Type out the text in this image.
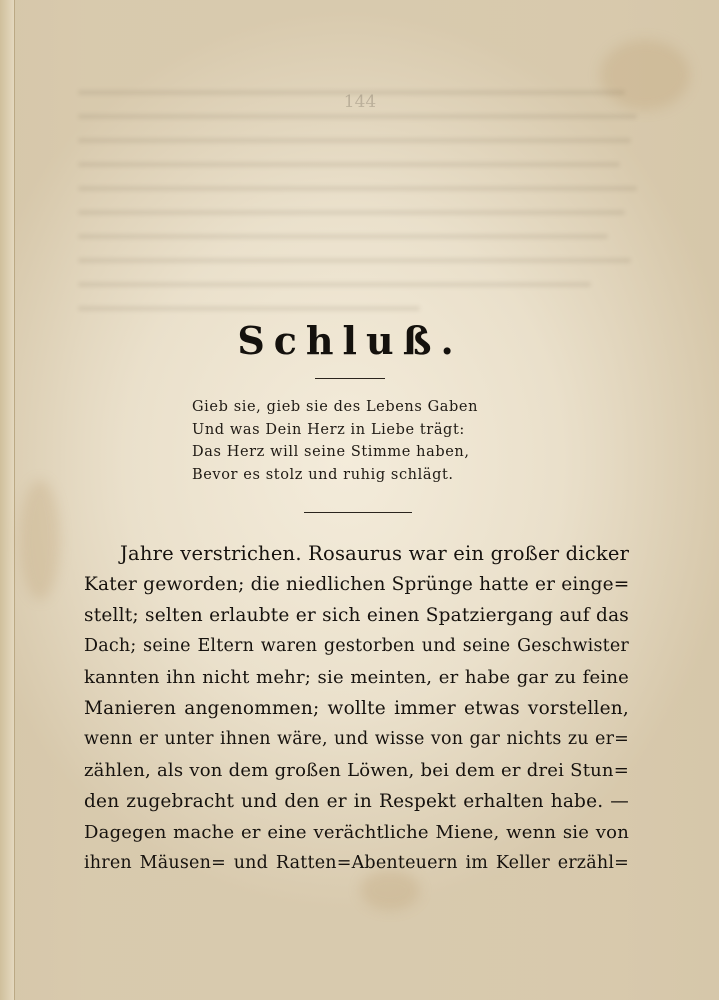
144
Schluß.
Gieb sie, gieb sie des Lebens Gaben
Und was Dein Herz in Liebe trägt:
Das Herz will seine Stimme haben,
Bevor es stolz und ruhig schlägt.
Jahre verstrichen. Rosaurus war ein großer dicker
Kater geworden; die niedlichen Sprünge hatte er einge=
stellt; selten erlaubte er sich einen Spatziergang auf das
Dach; seine Eltern waren gestorben und seine Geschwister
kannten ihn nicht mehr; sie meinten, er habe gar zu feine
Manieren angenommen; wollte immer etwas vorstellen,
wenn er unter ihnen wäre, und wisse von gar nichts zu er=
zählen, als von dem großen Löwen, bei dem er drei Stun=
den zugebracht und den er in Respekt erhalten habe. —
Dagegen mache er eine verächtliche Miene, wenn sie von
ihren Mäusen= und Ratten=Abenteuern im Keller erzähl=
